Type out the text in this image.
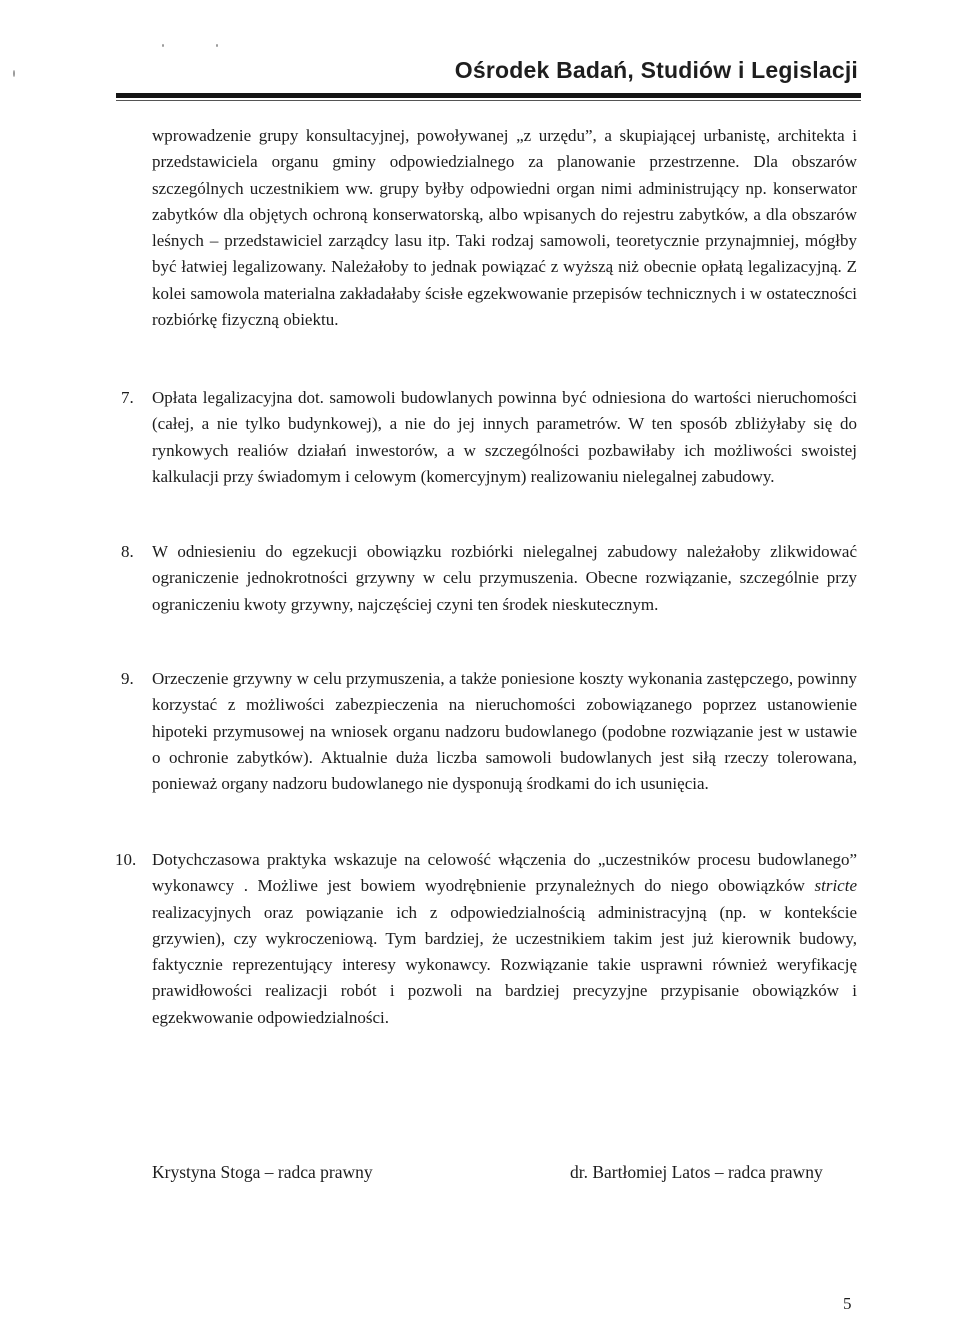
Ośrodek Badań, Studiów i Legislacji

wprowadzenie grupy konsultacyjnej, powoływanej „z urzędu”, a skupiającej urbanistę, architekta i przedstawiciela organu gminy odpowiedzialnego za planowanie przestrzenne. Dla obszarów szczególnych uczestnikiem ww. grupy byłby odpowiedni organ nimi administrujący np. konserwator zabytków dla objętych ochroną konserwatorską, albo wpisanych do rejestru zabytków, a dla obszarów leśnych – przedstawiciel zarządcy lasu itp. Taki rodzaj samowoli, teoretycznie przynajmniej, mógłby być łatwiej legalizowany. Należałoby to jednak powiązać z wyższą niż obecnie opłatą legalizacyjną. Z kolei samowola materialna zakładałaby ścisłe egzekwowanie przepisów technicznych i w ostateczności rozbiórkę fizyczną obiektu.

7. Opłata legalizacyjna dot. samowoli budowlanych powinna być odniesiona do wartości nieruchomości (całej, a nie tylko budynkowej), a nie do jej innych parametrów. W ten sposób zbliżyłaby się do rynkowych realiów działań inwestorów, a w szczególności pozbawiłaby ich możliwości swoistej kalkulacji przy świadomym i celowym (komercyjnym) realizowaniu nielegalnej zabudowy.

8. W odniesieniu do egzekucji obowiązku rozbiórki nielegalnej zabudowy należałoby zlikwidować ograniczenie jednokrotności grzywny w celu przymuszenia. Obecne rozwiązanie, szczególnie przy ograniczeniu kwoty grzywny, najczęściej czyni ten środek nieskutecznym.

9. Orzeczenie grzywny w celu przymuszenia, a także poniesione koszty wykonania zastępczego, powinny korzystać z możliwości zabezpieczenia na nieruchomości zobowiązanego poprzez ustanowienie hipoteki przymusowej na wniosek organu nadzoru budowlanego (podobne rozwiązanie jest w ustawie o ochronie zabytków). Aktualnie duża liczba samowoli budowlanych jest siłą rzeczy tolerowana, ponieważ organy nadzoru budowlanego nie dysponują środkami do ich usunięcia.

10. Dotychczasowa praktyka wskazuje na celowość włączenia do „uczestników procesu budowlanego” wykonawcy . Możliwe jest bowiem wyodrębnienie przynależnych do niego obowiązków stricte realizacyjnych oraz powiązanie ich z odpowiedzialnością administracyjną (np. w kontekście grzywien), czy wykroczeniową. Tym bardziej, że uczestnikiem takim jest już kierownik budowy, faktycznie reprezentujący interesy wykonawcy. Rozwiązanie takie usprawni również weryfikację prawidłowości realizacji robót i pozwoli na bardziej precyzyjne przypisanie obowiązków i egzekwowanie odpowiedzialności.

Krystyna Stoga – radca prawny	dr. Bartłomiej Latos – radca prawny
5
